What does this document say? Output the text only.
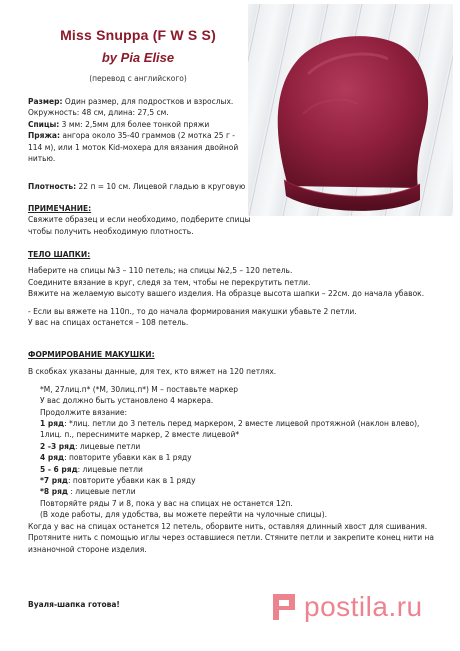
Miss Snuppa (F W S S)
by Pia Elise
(перевод с английского)

Размер: Один размер, для подростков и взрослых.

Окружность: 48 см, длина: 27,5 см.

Спицы: 3 мм: 2,5мм для более тонкой пряжи

Пряжа: ангора около 35-40 граммов (2 мотка 25 г - 114 м), или 1 моток Kid-мохера для вязания двойной нитью.

Плотность: 22 п = 10 см. Лицевой гладью в круговую

ПРИМЕЧАНИЕ:

Свяжите образец и если необходимо, подберите спицы чтобы получить необходимую плотность.

ТЕЛО ШАПКИ:

Наберите на спицы №3 – 110 петель; на спицы №2,5 – 120 петель.

Соедините вязание в круг, следя за тем, чтобы не перекрутить петли.

Вяжите на желаемую высоту вашего изделия. На образце высота шапки – 22см. до начала убавок.

- Если вы вяжете на 110п., то до начала формирования макушки убавьте 2 петли.

У вас на спицах останется – 108 петель.

ФОРМИРОВАНИЕ МАКУШКИ:

В скобках указаны данные, для тех, кто вяжет на 120 петлях.

*М, 27лиц.п* (*М, 30лиц.п*) М – поставьте маркер

У вас должно быть установлено 4 маркера.

Продолжите вязание:

1 ряд: *лиц. петли до 3 петель перед маркером, 2 вместе лицевой протяжной (наклон влево),

1лиц. п., переснимите маркер, 2 вместе лицевой*

2 -3 ряд: лицевые петли

4 ряд: повторите убавки как в 1 ряду

5 - 6 ряд: лицевые петли

*7 ряд: повторите убавки как в 1 ряду

*8 ряд : лицевые петли

Повторяйте ряды 7 и 8, пока у вас на спицах не останется 12п.

(В ходе работы, для удобства, вы можете перейти на чулочные спицы).

Когда у вас на спицах останется 12 петель, оборвите нить, оставляя длинный хвост для сшивания.

Протяните нить с помощью иглы через оставшиеся петли. Стяните петли и закрепите конец нити на изнаночной стороне изделия.

Вуаля-шапка готова!	postila.ru
